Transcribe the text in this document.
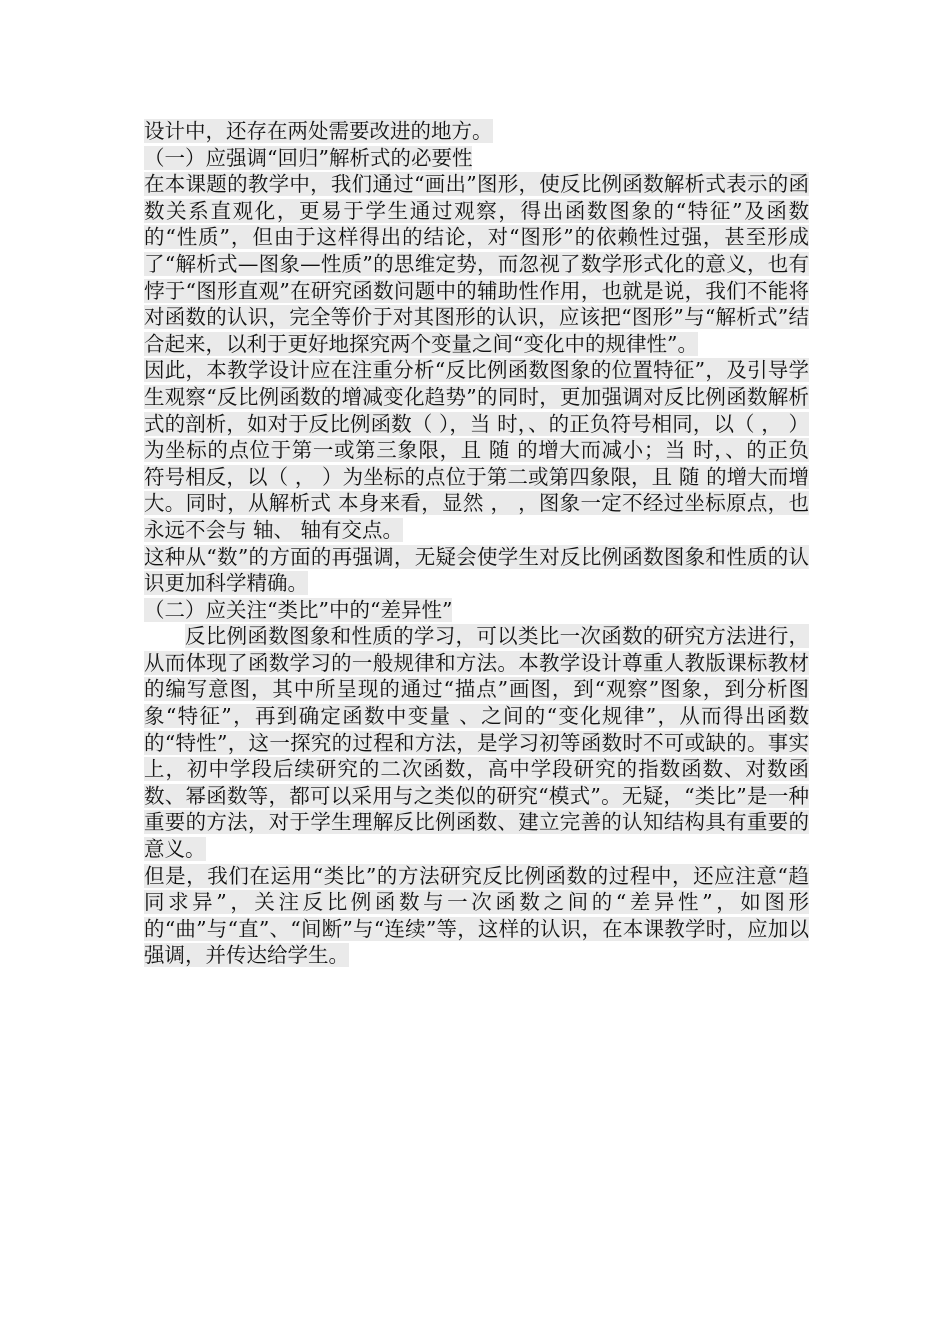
设计中，还存在两处需要改进的地方。

（一）应强调“回归”解析式的必要性

在本课题的教学中，我们通过“画出”图形，使反比例函数解析式表示的函数关系直观化，更易于学生通过观察，得出函数图象的“特征”及函数的“性质”，但由于这样得出的结论，对“图形”的依赖性过强，甚至形成了“解析式—图象—性质”的思维定势，而忽视了数学形式化的意义，也有悖于“图形直观”在研究函数问题中的辅助性作用，也就是说，我们不能将对函数的认识，完全等价于对其图形的认识，应该把“图形”与“解析式”结合起来，以利于更好地探究两个变量之间“变化中的规律性”。

因此，本教学设计应在注重分析“反比例函数图象的位置特征”，及引导学生观察“反比例函数的增减变化趋势”的同时，更加强调对反比例函数解析式的剖析，如对于反比例函数（ ），当 时，、的正负符号相同，以（ ， ）为坐标的点位于第一或第三象限，且 随 的增大而减小；当 时，、的正负符号相反，以（ ， ）为坐标的点位于第二或第四象限，且 随 的增大而增大。同时，从解析式 本身来看，显然 ， ，图象一定不经过坐标原点，也永远不会与 轴、 轴有交点。

这种从“数”的方面的再强调，无疑会使学生对反比例函数图象和性质的认识更加科学精确。

（二）应关注“类比”中的“差异性”

反比例函数图象和性质的学习，可以类比一次函数的研究方法进行，从而体现了函数学习的一般规律和方法。本教学设计尊重人教版课标教材的编写意图，其中所呈现的通过“描点”画图，到“观察”图象，到分析图象“特征”，再到确定函数中变量 、之间的“变化规律”，从而得出函数的“特性”，这一探究的过程和方法，是学习初等函数时不可或缺的。事实上，初中学段后续研究的二次函数，高中学段研究的指数函数、对数函数、幂函数等，都可以采用与之类似的研究“模式”。无疑，“类比”是一种重要的方法，对于学生理解反比例函数、建立完善的认知结构具有重要的意义。

但是，我们在运用“类比”的方法研究反比例函数的过程中，还应注意“趋同求异”，关注反比例函数与一次函数之间的“差异性”，如图形的“曲”与“直”、“间断”与“连续”等，这样的认识，在本课教学时，应加以强调，并传达给学生。
